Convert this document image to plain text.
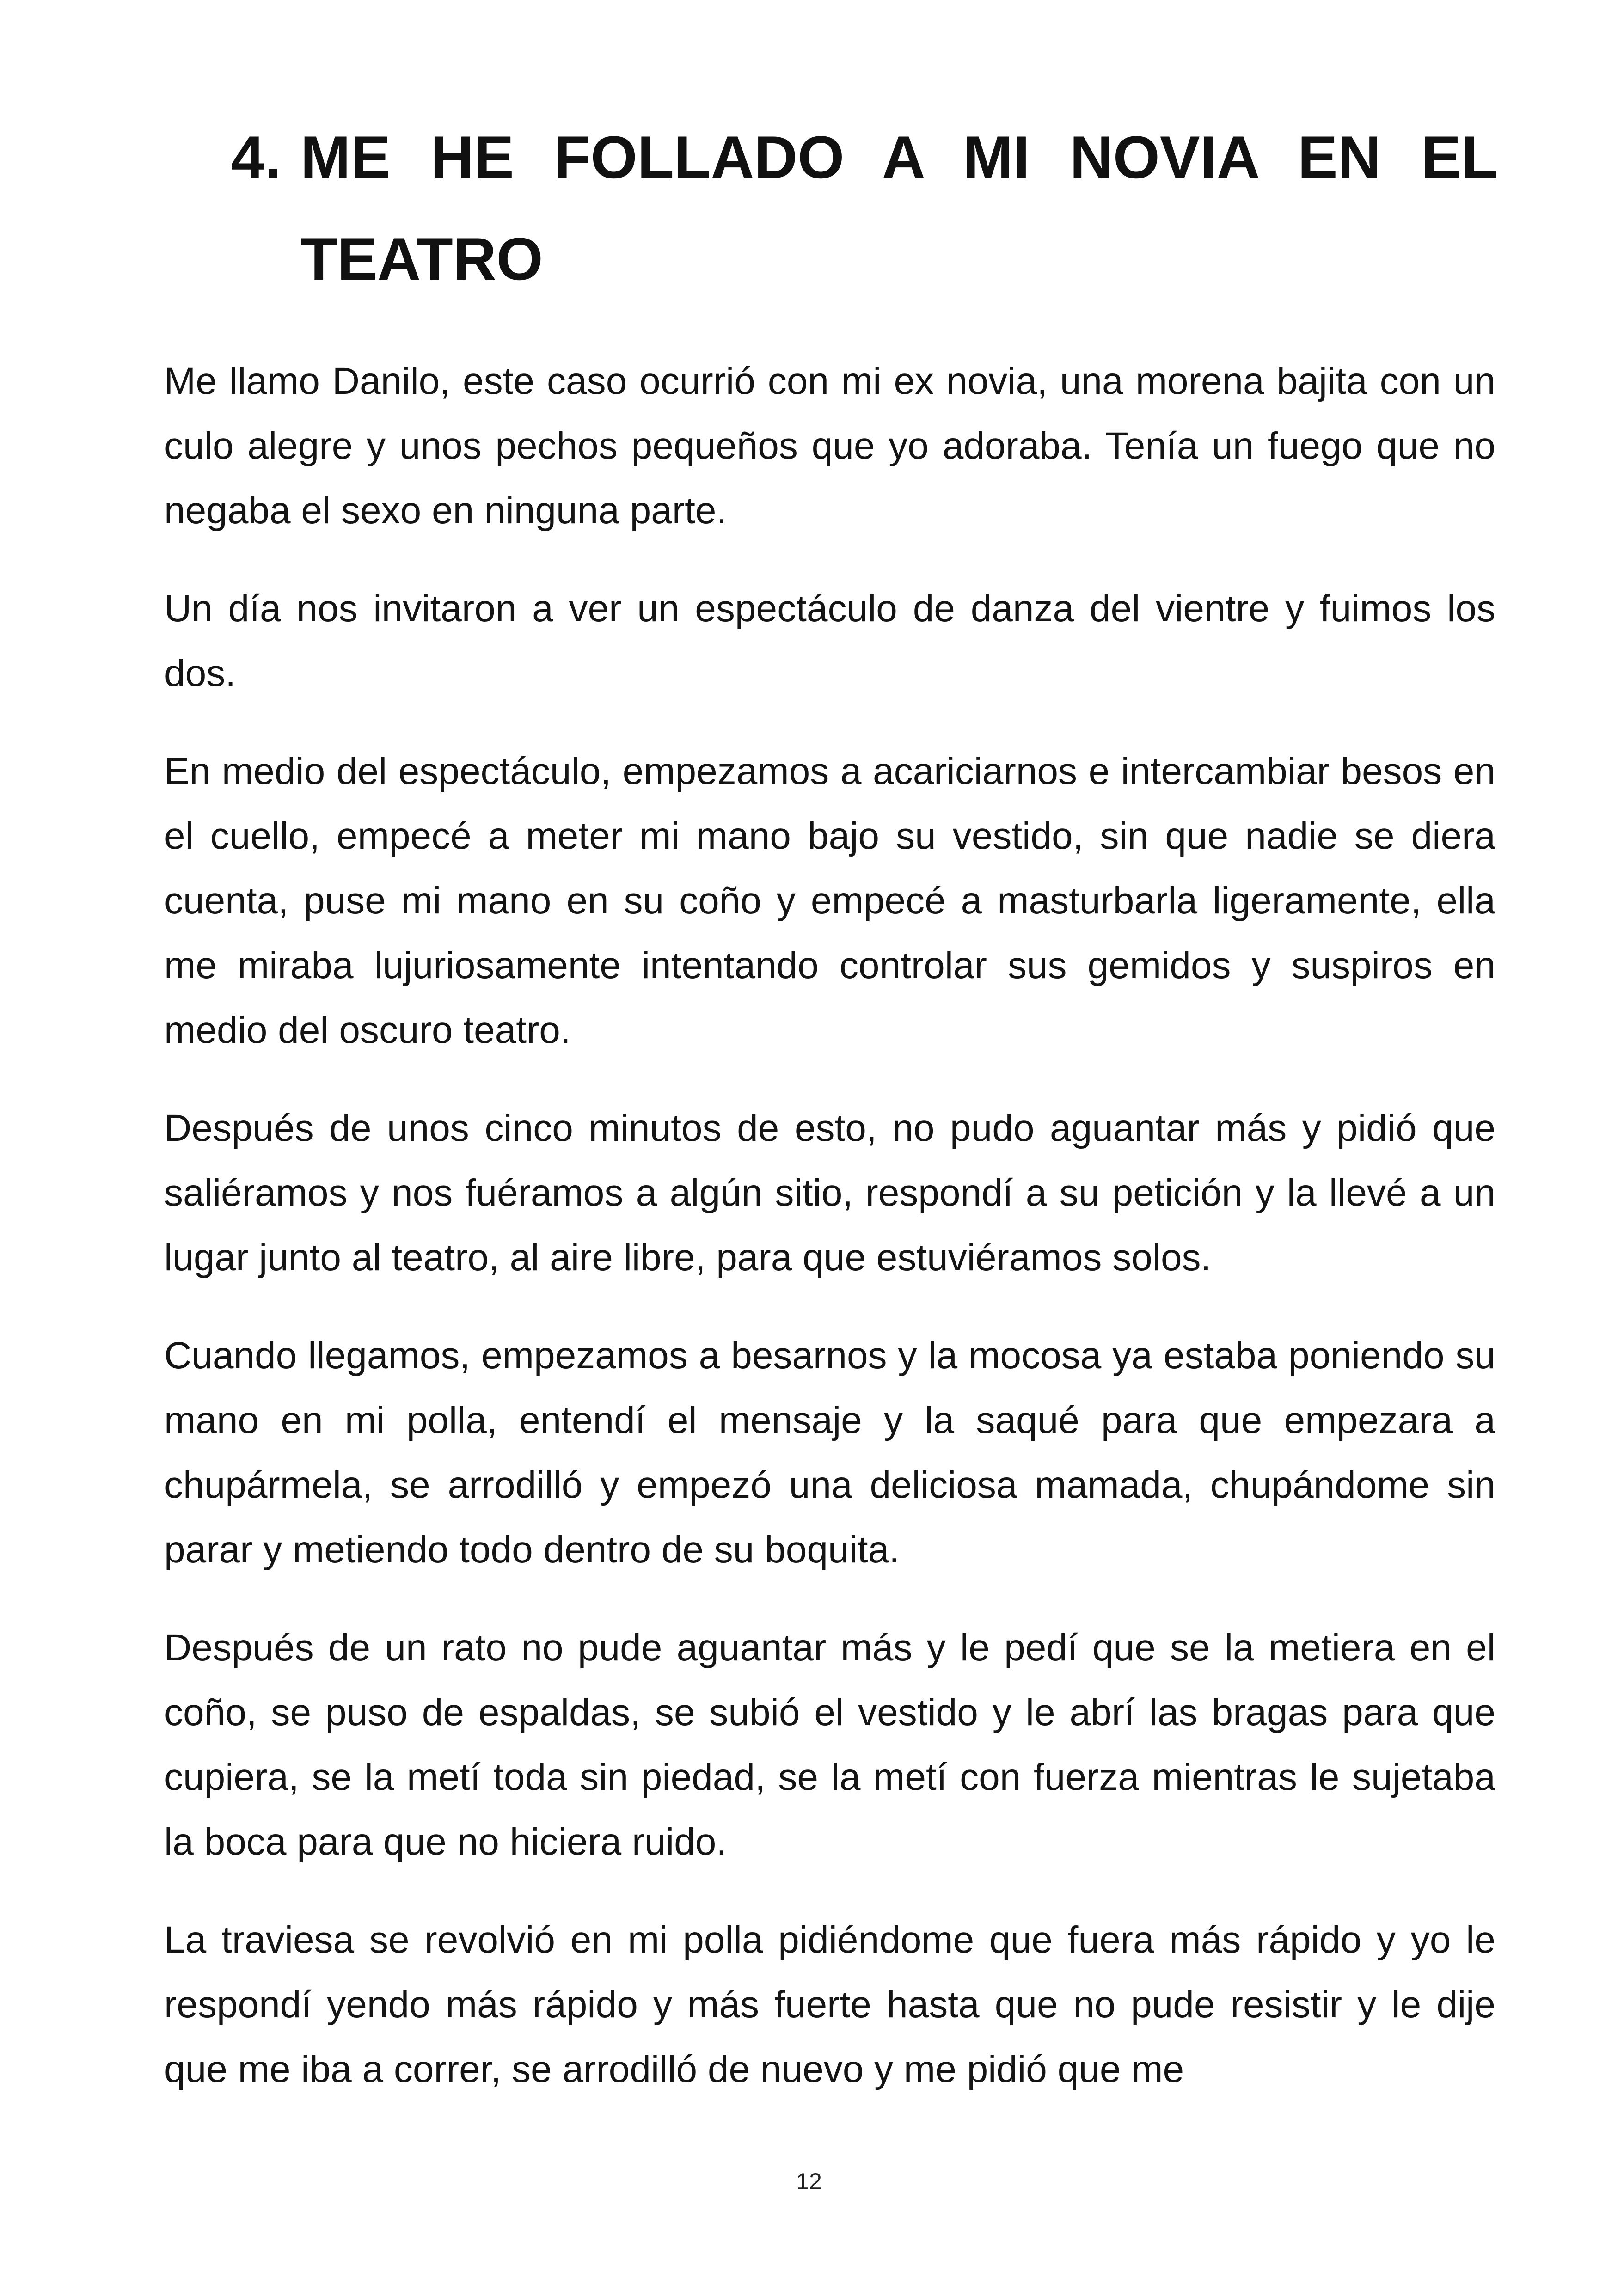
4. ME HE FOLLADO A MI NOVIA EN EL TEATRO

Me llamo Danilo, este caso ocurrió con mi ex novia, una morena bajita con un culo alegre y unos pechos pequeños que yo adoraba. Tenía un fuego que no negaba el sexo en ninguna parte.

Un día nos invitaron a ver un espectáculo de danza del vientre y fuimos los dos.

En medio del espectáculo, empezamos a acariciarnos e intercambiar besos en el cuello, empecé a meter mi mano bajo su vestido, sin que nadie se diera cuenta, puse mi mano en su coño y empecé a masturbarla ligeramente, ella me miraba lujuriosamente intentando controlar sus gemidos y suspiros en medio del oscuro teatro.

Después de unos cinco minutos de esto, no pudo aguantar más y pidió que saliéramos y nos fuéramos a algún sitio, respondí a su petición y la llevé a un lugar junto al teatro, al aire libre, para que estuviéramos solos.

Cuando llegamos, empezamos a besarnos y la mocosa ya estaba poniendo su mano en mi polla, entendí el mensaje y la saqué para que empezara a chupármela, se arrodilló y empezó una deliciosa mamada, chupándome sin parar y metiendo todo dentro de su boquita.

Después de un rato no pude aguantar más y le pedí que se la metiera en el coño, se puso de espaldas, se subió el vestido y le abrí las bragas para que cupiera, se la metí toda sin piedad, se la metí con fuerza mientras le sujetaba la boca para que no hiciera ruido.

La traviesa se revolvió en mi polla pidiéndome que fuera más rápido y yo le respondí yendo más rápido y más fuerte hasta que no pude resistir y le dije que me iba a correr, se arrodilló de nuevo y me pidió que me

12
